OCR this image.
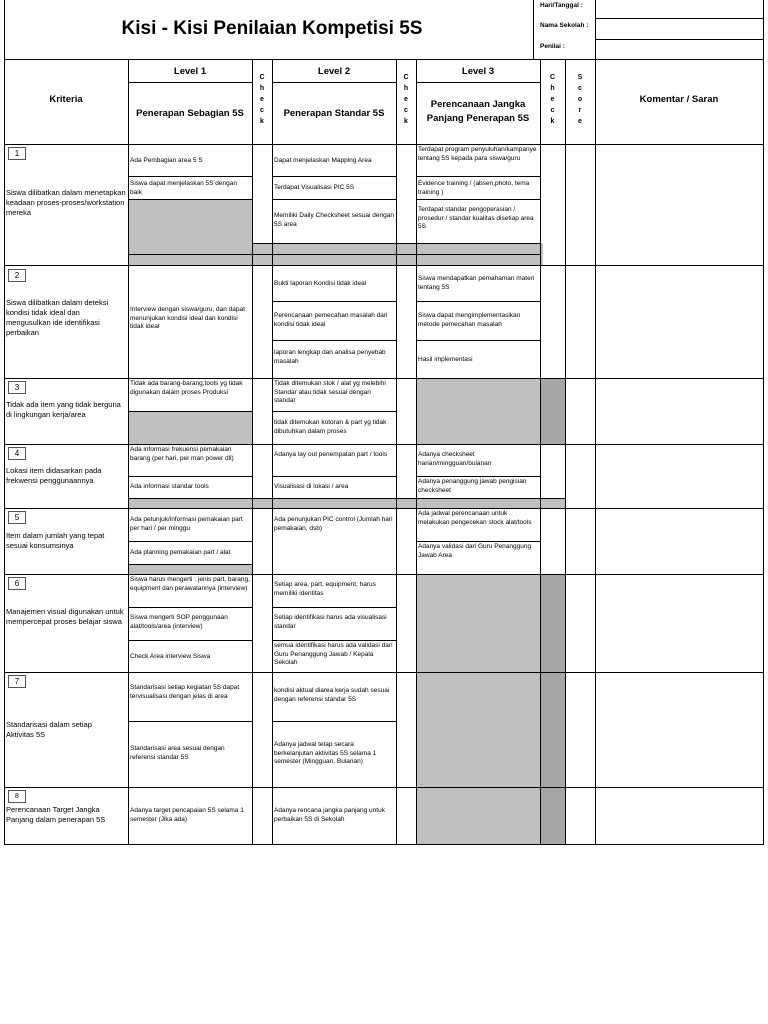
Kisi - Kisi Penilaian Kompetisi 5S
Hari/Tanggal :
Nama Sekolah :
Penilai :
Kriteria
Level 1
Penerapan Sebagian 5S
Level 2
Penerapan Standar 5S
Level 3
Perencanaan Jangka Panjang Penerapan 5S
Komentar / Saran
C
h
e
c
k
C
h
e
c
k
C
h
e
c
k
S
c
o
r
e
1
Siswa dilibatkan dalam menetapkan keadaan proses-proses/workstation mereka
Ada Pembagian area 5 S
Siswa dapat menjelaskan 5S dengan baik
Dapat menjelaskan Mapping Area
Terdapat Visualisasi PIC 5S
Memiliki Daily Checksheet sesuai dengan 5S area
Terdapat program penyuluhan/kampanye tentang 5S kepada para siswa/guru
Evidence training / (absen,photo, tema training )
Terdapat standar pengoperasian / prosedur / standar kualitas disetiap area 5S
2
Siswa dilibatkan dalam deteksi kondisi tidak ideal dan mengusulkan ide identifikasi perbaikan
Interview dengan siswa/guru, dan dapat menunjukan kondisi ideal dan kondisi tidak ideal
Bukti laporan Kondisi tidak ideal
Perencanaan pemecahan masalah dari kondisi tidak ideal
laporan lengkap dan analisa penyebab masalah
Siswa mendapatkan pemahaman materi tentang 5S
Siswa dapat mengimplementasikan metode pemecahan masalah
Hasil implementasi
3
Tidak ada item yang tidak berguna di lingkungan kerja/area
Tidak ada barang-barang,tools yg tidak digunakan dalam proses Produksi
Tidak ditemukan stok / alat yg melebihi Standar atau tidak sesuai dengan standar
tidak ditemukan kotoran & part yg tidak dibutuhkan dalam proses
4
Lokasi item didasarkan pada frekwensi penggunaannya
Ada informasi frekuensi pemakaian barang (per hari, per man power dll)
Ada informasi standar tools
Adanya lay out penempatan part / tools
Visualisasi di lokasi / area
Adanya checksheet harian/mingguan/bulanan
Adanya penanggung jawab pengisian checksheet
5
Item dalam jumlah yang tepat sesuai konsumsinya
Ada petunjuk/informasi pemakaian part per hari / per minggu
Ada planning pemakaian part / alat
Ada penunjukan PIC control (Jumlah hari pemakaian, dsb)
Ada jadwal perencanaan untuk melakukan pengecekan stock alat/tools
Adanya validasi dari Guru Penanggung Jawab Area
6
Manajemen visual digunakan untuk mempercepat proses belajar siswa
Siswa harus mengerti : jenis part, barang, equipment dan perawatannya (interview)
Siswa mengerti SOP penggunaan alat/tools/area (interview)
Check Area interview Siswa
Setiap area, part, equipment, harus memiliki identitas
Setiap identifikasi harus ada visualisasi standar
semua identifikasi harus ada validasi dari Guru Penanggung Jawab / Kepala Sekolah
7
Standarisasi dalam setiap Aktivitas 5S
Standarisasi setiap kegiatan 5S dapat tervisualisasi dengan jelas di area
Standarisasi area sesuai dengan referensi standar 5S
kondisi aktual diarea kerja sudah sesuai dengan referensi standar 5S
Adanya jadwal tetap secara berkelanjutan aktivitas 5S selama 1 semester (Mingguan, Bulanan)
8
Perencanaan Target Jangka Panjang dalam penerapan 5S
Adanya target pencapaian 5S selama 1 semester (Jika ada)
Adanya rencana jangka panjang untuk perbaikan 5S di Sekolah
